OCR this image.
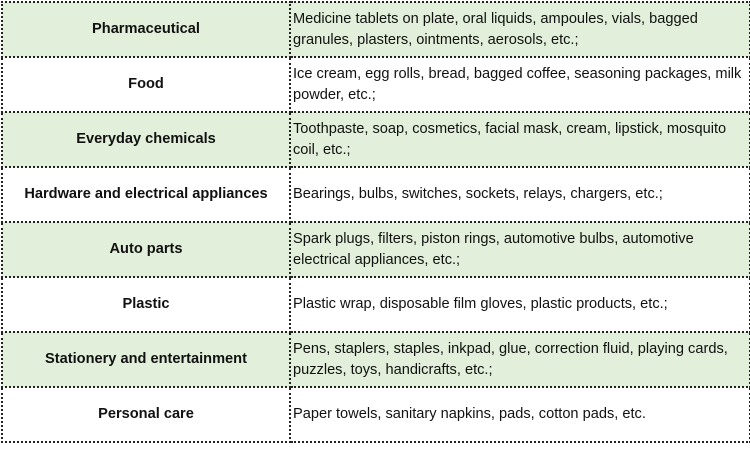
Pharmaceutical	Medicine tablets on plate, oral liquids, ampoules, vials, bagged granules, plasters, ointments, aerosols, etc.;
Food	Ice cream, egg rolls, bread, bagged coffee, seasoning packages, milk powder, etc.;
Everyday chemicals	Toothpaste, soap, cosmetics, facial mask, cream, lipstick, mosquito coil, etc.;
Hardware and electrical appliances	Bearings, bulbs, switches, sockets, relays, chargers, etc.;
Auto parts	Spark plugs, filters, piston rings, automotive bulbs, automotive electrical appliances, etc.;
Plastic	Plastic wrap, disposable film gloves, plastic products, etc.;
Stationery and entertainment	Pens, staplers, staples, inkpad, glue, correction fluid, playing cards, puzzles, toys, handicrafts, etc.;
Personal care	Paper towels, sanitary napkins, pads, cotton pads, etc.
